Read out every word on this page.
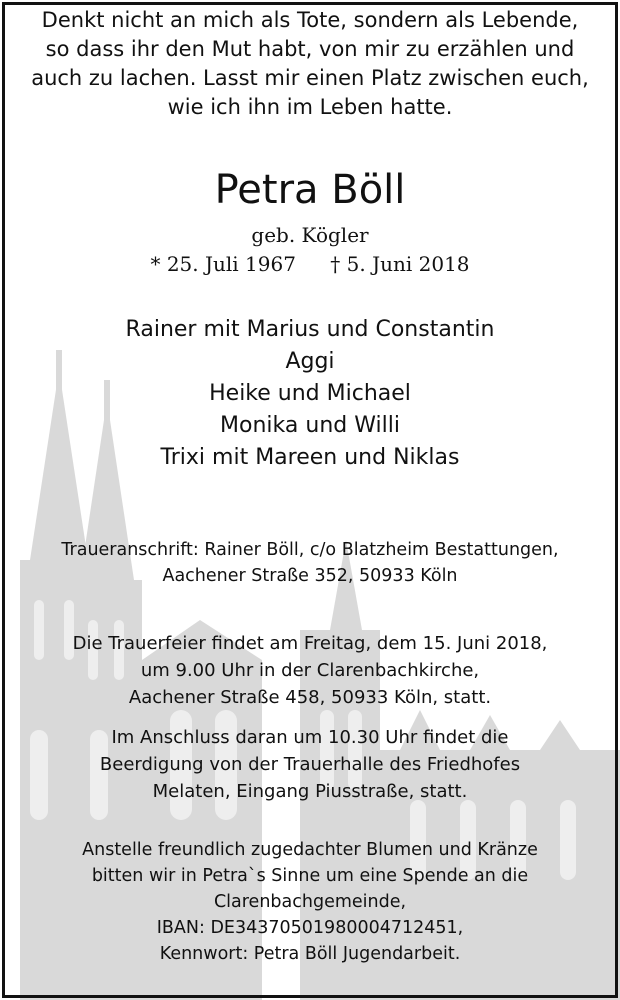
Denkt nicht an mich als Tote, sondern als Lebende,
so dass ihr den Mut habt, von mir zu erzählen und
auch zu lachen. Lasst mir einen Platz zwischen euch,
wie ich ihn im Leben hatte.
Petra Böll
geb. Kögler
* 25. Juli 1967 † 5. Juni 2018
Rainer mit Marius und Constantin
Aggi
Heike und Michael
Monika und Willi
Trixi mit Mareen und Niklas
Traueranschrift: Rainer Böll, c/o Blatzheim Bestattungen,
Aachener Straße 352, 50933 Köln
Die Trauerfeier findet am Freitag, dem 15. Juni 2018,
um 9.00 Uhr in der Clarenbachkirche,
Aachener Straße 458, 50933 Köln, statt.
Im Anschluss daran um 10.30 Uhr findet die
Beerdigung von der Trauerhalle des Friedhofes
Melaten, Eingang Piusstraße, statt.
Anstelle freundlich zugedachter Blumen und Kränze
bitten wir in Petra`s Sinne um eine Spende an die
Clarenbachgemeinde,
IBAN: DE34370501980004712451,
Kennwort: Petra Böll Jugendarbeit.
